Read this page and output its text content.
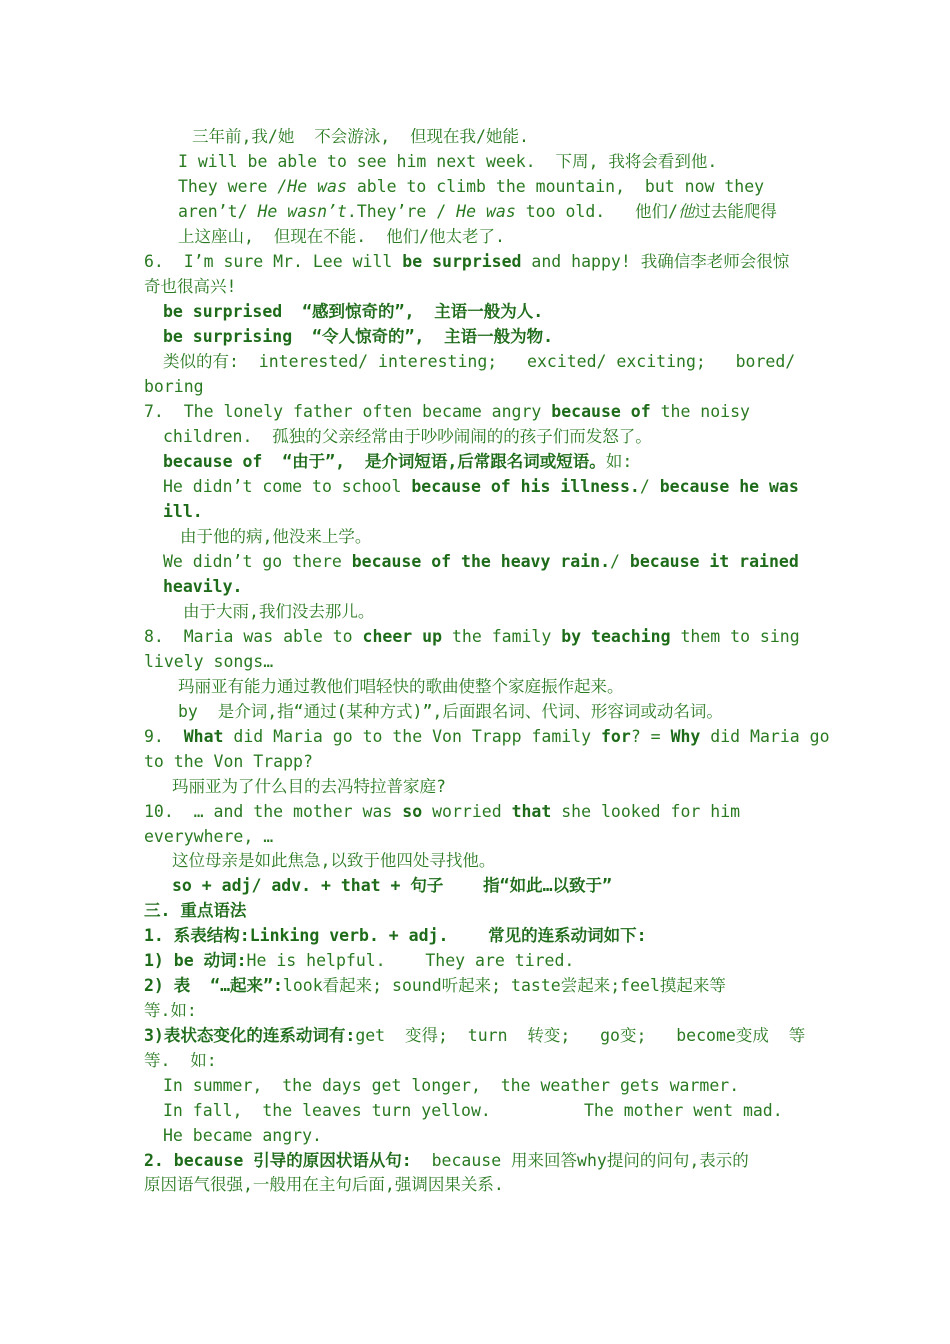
三年前,我/她  不会游泳,  但现在我/她能.
I will be able to see him next week.  下周, 我将会看到他.
They were /He was able to climb the mountain,  but now they
aren’t/ He wasn’t.They’re / He was too old.   他们/他过去能爬得
上这座山,  但现在不能.  他们/他太老了.
6.  I’m sure Mr. Lee will be surprised and happy! 我确信李老师会很惊
奇也很高兴!
be surprised  “感到惊奇的”,  主语一般为人.
be surprising  “令人惊奇的”,  主语一般为物.
类似的有:  interested/ interesting;   excited/ exciting;   bored/
boring
7.  The lonely father often became angry because of the noisy
children.  孤独的父亲经常由于吵吵闹闹的的孩子们而发怒了。
because of  “由于”,  是介词短语,后常跟名词或短语。如:
He didn’t come to school because of his illness./ because he was
ill.
由于他的病,他没来上学。
We didn’t go there because of the heavy rain./ because it rained
heavily.
由于大雨,我们没去那儿。
8.  Maria was able to cheer up the family by teaching them to sing
lively songs…
玛丽亚有能力通过教他们唱轻快的歌曲使整个家庭振作起来。
by  是介词,指“通过(某种方式)”,后面跟名词、代词、形容词或动名词。
9.  What did Maria go to the Von Trapp family for? = Why did Maria go
to the Von Trapp?
玛丽亚为了什么目的去冯特拉普家庭?
10.  … and the mother was so worried that she looked for him
everywhere, …
这位母亲是如此焦急,以致于他四处寻找他。
so + adj/ adv. + that + 句子    指“如此…以致于”
三. 重点语法
1. 系表结构:Linking verb. + adj.    常见的连系动词如下:
1) be 动词:He is helpful.    They are tired.
2) 表  “…起来”:look看起来; sound听起来; taste尝起来;feel摸起来等
等.如:
3)表状态变化的连系动词有:get  变得;  turn  转变;   go变;   become变成  等
等.  如:
In summer,  the days get longer,  the weather gets warmer.
In fall,  the leaves turn yellow.	The mother went mad.
He became angry.
2. because 引导的原因状语从句:  because 用来回答why提问的问句,表示的
原因语气很强,一般用在主句后面,强调因果关系.
